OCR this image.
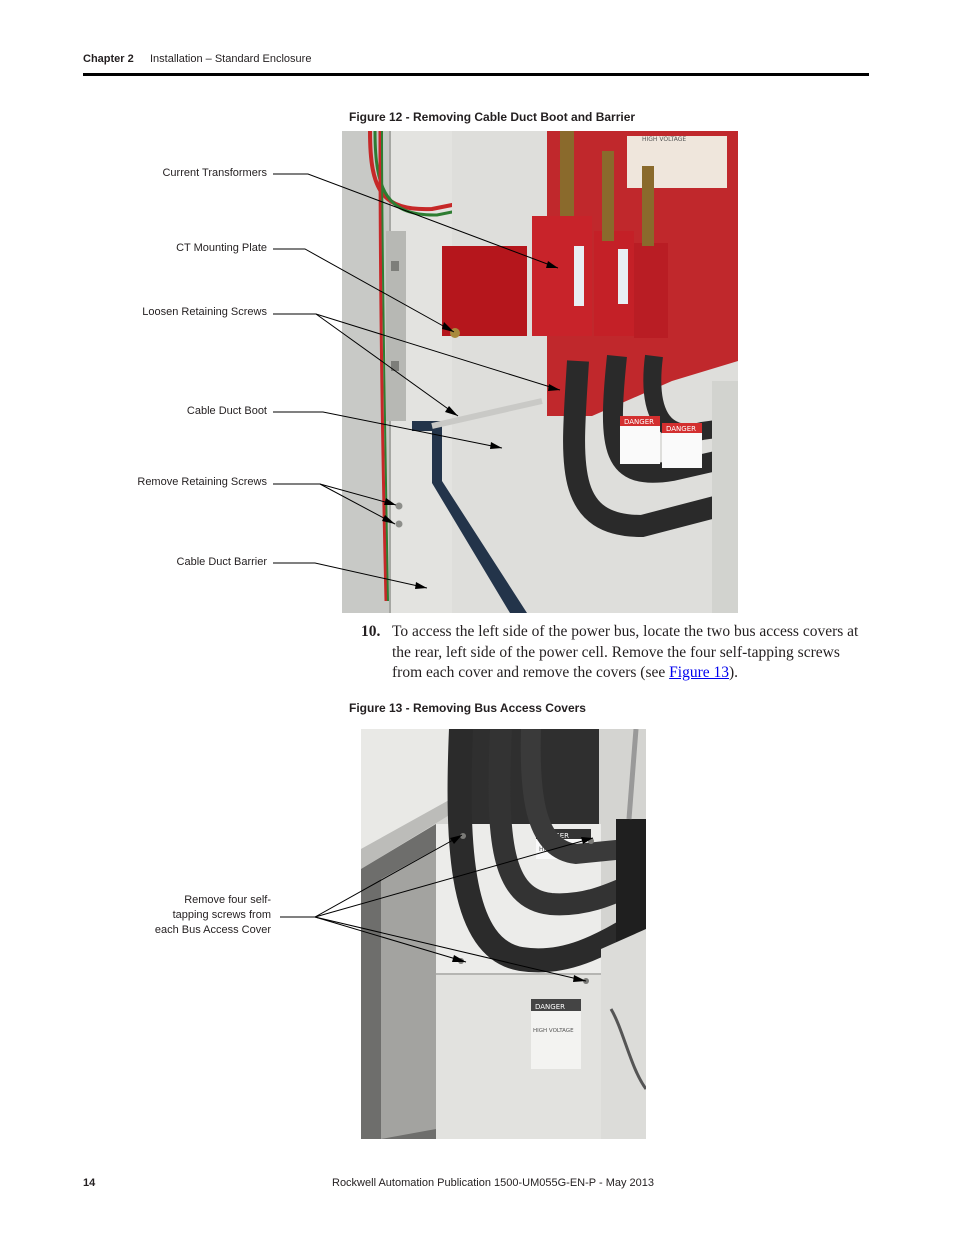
Chapter 2 Installation – Standard Enclosure
Figure 12 - Removing Cable Duct Boot and Barrier
HIGH VOLTAGE
DANGER
DANGER
Current Transformers
CT Mounting Plate
Loosen Retaining Screws
Cable Duct Boot
Remove Retaining Screws
Cable Duct Barrier
10. To access the left side of the power bus, locate the two bus access covers at the rear, left side of the power cell. Remove the four self-tapping screws from each cover and remove the covers (see Figure 13).
Figure 13 - Removing Bus Access Covers
DANGER
HIGH
DANGER
HIGH VOLTAGE
Remove four self-
tapping screws from
each Bus Access Cover
14	Rockwell Automation Publication 1500-UM055G-EN-P - May 2013
